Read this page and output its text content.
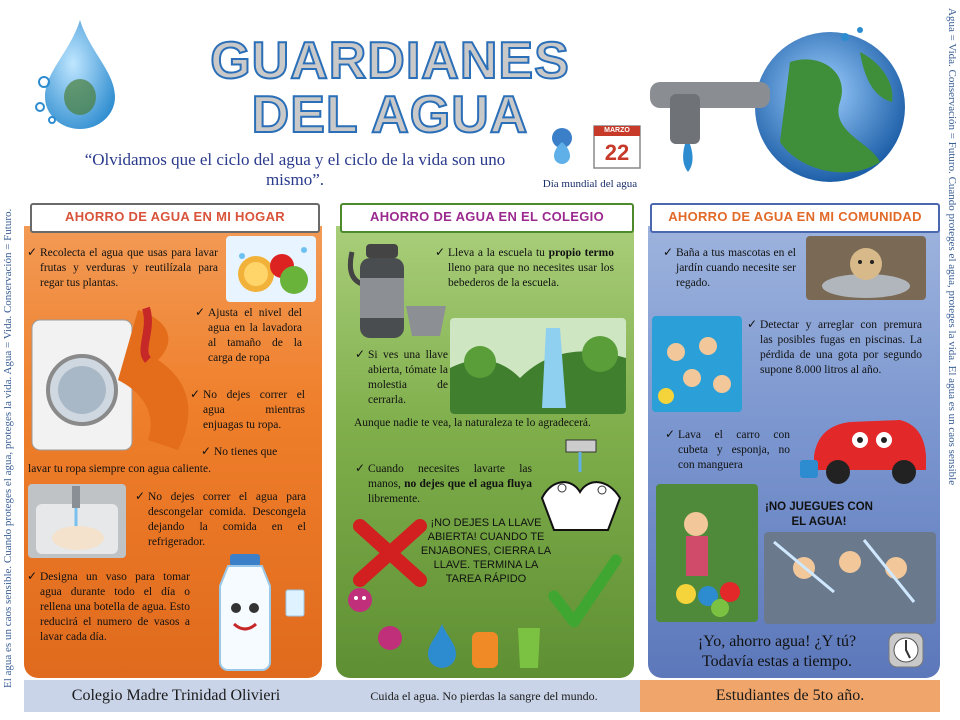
El agua es un caos sensible. Cuando proteges el agua, proteges la vida. Agua = Vida. Conservación = Futuro.	Agua = Vida. Conservación = Futuro. Cuando proteges el agua, proteges la vida. El agua es un caos sensible
GUARDIANES
DEL AGUA
“Olvidamos que el ciclo del agua y el ciclo de la vida son uno mismo”.
MARZO
22
Día mundial del agua
AHORRO DE AGUA EN MI HOGAR	AHORRO DE AGUA EN EL COLEGIO	AHORRO DE AGUA EN MI COMUNIDAD
✓ Recolecta el agua que usas para lavar frutas y verduras y reutilízala para regar tus plantas.
✓ Ajusta el nivel del agua en la lavadora al tamaño de la carga de ropa
✓ No dejes correr el agua mientras enjuagas tu ropa.
✓ No tienes que
lavar tu ropa siempre con agua caliente.
✓ No dejes correr el agua para descongelar comida. Descongela dejando la comida en el refrigerador.
✓ Designa un vaso para tomar agua durante todo el día o rellena una botella de agua. Esto reducirá el numero de vasos a lavar cada día.
✓ Lleva a la escuela tu propio termo lleno para que no necesites usar los bebederos de la escuela.
✓ Si ves una llave abierta, tómate la molestia de cerrarla.
Aunque nadie te vea, la naturaleza te lo agradecerá.
✓ Cuando necesites lavarte las manos, no dejes que el agua fluya libremente.
¡NO DEJES LA LLAVE ABIERTA! CUANDO TE ENJABONES, CIERRA LA LLAVE. TERMINA LA TAREA RÁPIDO
✓ Baña a tus mascotas en el jardín cuando necesite ser regado.
✓ Detectar y arreglar con premura las posibles fugas en piscinas. La pérdida de una gota por segundo supone 8.000 litros al año.
✓ Lava el carro con cubeta y esponja, no con manguera
¡NO JUEGUES CON EL AGUA!
¡Yo, ahorro agua! ¿Y tú?
Todavía estas a tiempo.
Colegio Madre Trinidad Olivieri	Cuida el agua. No pierdas la sangre del mundo.	Estudiantes de 5to año.
